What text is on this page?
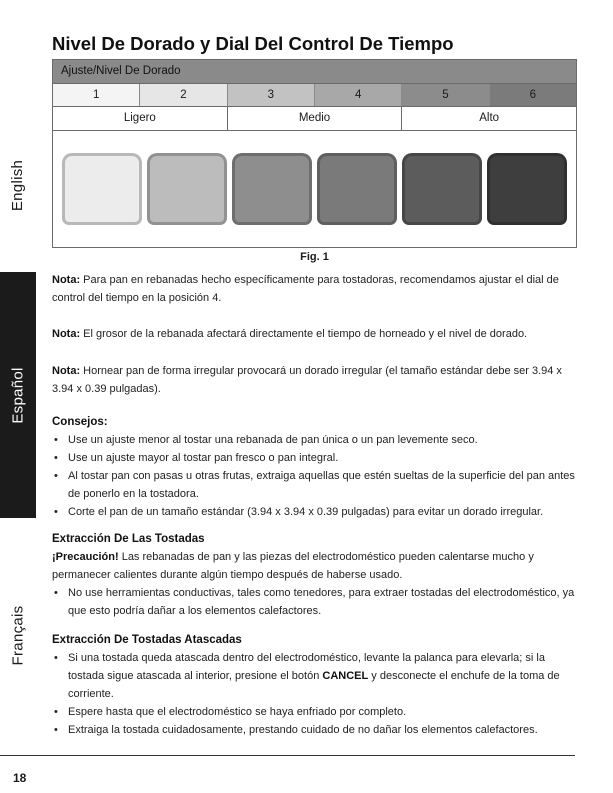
English
Español
Français
Nivel De Dorado y Dial Del Control De Tiempo
Ajuste/Nivel De Dorado
1	2	3	4	5	6
Ligero	Medio	Alto
Fig. 1

Nota: Para pan en rebanadas hecho específicamente para tostadoras, recomendamos ajustar el dial de control del tiempo en la posición 4.

Nota: El grosor de la rebanada afectará directamente el tiempo de horneado y el nivel de dorado.

Nota: Hornear pan de forma irregular provocará un dorado irregular (el tamaño estándar debe ser 3.94 x 3.94 x 0.39 pulgadas).

Consejos:
• Use un ajuste menor al tostar una rebanada de pan única o un pan levemente seco.
• Use un ajuste mayor al tostar pan fresco o pan integral.
• Al tostar pan con pasas u otras frutas, extraiga aquellas que estén sueltas de la superficie del pan antes de ponerlo en la tostadora.
• Corte el pan de un tamaño estándar (3.94 x 3.94 x 0.39 pulgadas) para evitar un dorado irregular.
Extracción De Las Tostadas

¡Precaución! Las rebanadas de pan y las piezas del electrodoméstico pueden calentarse mucho y permanecer calientes durante algún tiempo después de haberse usado.

• No use herramientas conductivas, tales como tenedores, para extraer tostadas del electrodoméstico, ya que esto podría dañar a los elementos calefactores.
Extracción De Tostadas Atascadas
• Si una tostada queda atascada dentro del electrodoméstico, levante la palanca para elevarla; si la tostada sigue atascada al interior, presione el botón CANCEL y desconecte el enchufe de la toma de corriente.
• Espere hasta que el electrodoméstico se haya enfriado por completo.
• Extraiga la tostada cuidadosamente, prestando cuidado de no dañar los elementos calefactores.
18
